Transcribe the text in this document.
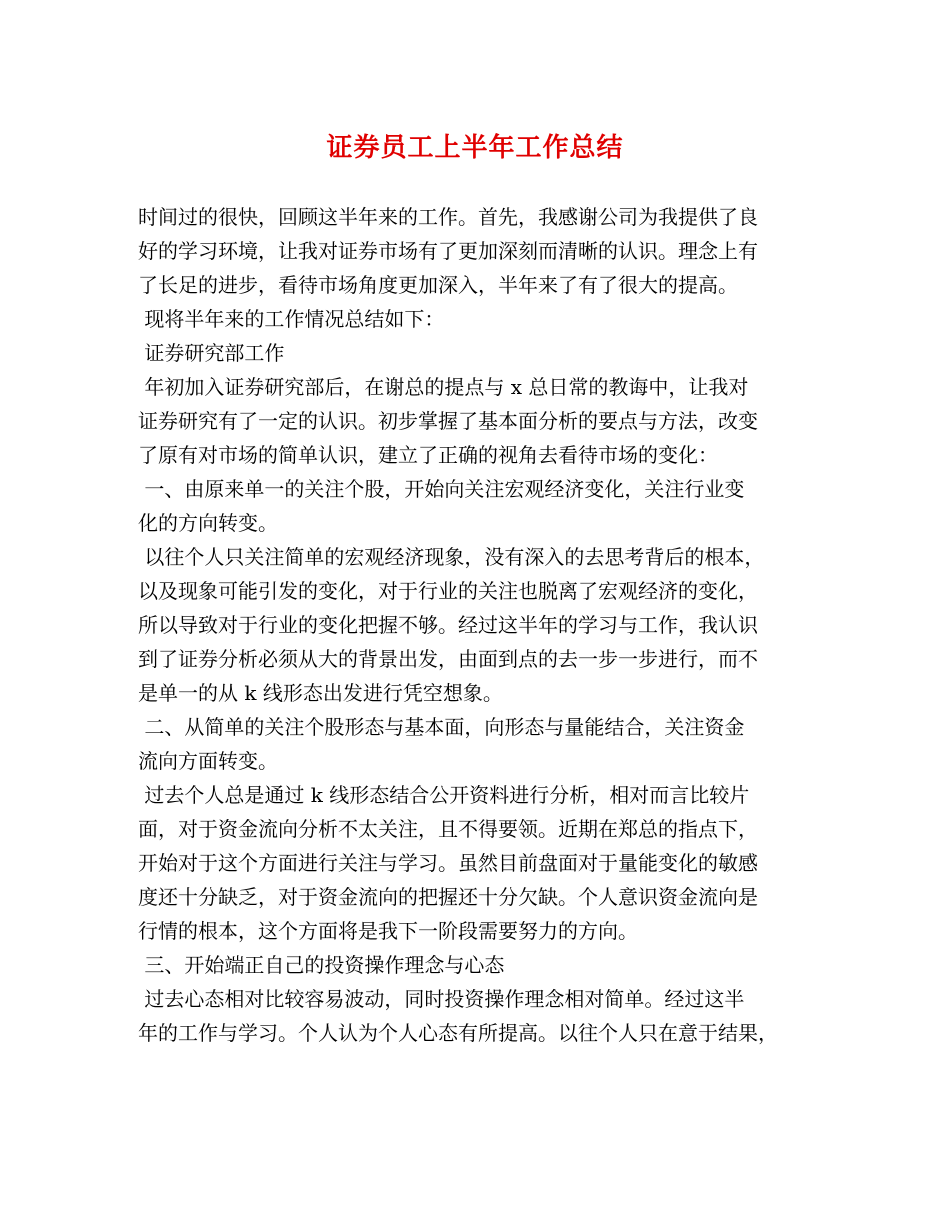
证券员工上半年工作总结
时间过的很快，回顾这半年来的工作。首先，我感谢公司为我提供了良
好的学习环境，让我对证券市场有了更加深刻而清晰的认识。理念上有
了长足的进步，看待市场角度更加深入，半年来了有了很大的提高。
现将半年来的工作情况总结如下：
证券研究部工作
年初加入证券研究部后，在谢总的提点与 x 总日常的教诲中，让我对
证券研究有了一定的认识。初步掌握了基本面分析的要点与方法，改变
了原有对市场的简单认识，建立了正确的视角去看待市场的变化：
一、由原来单一的关注个股，开始向关注宏观经济变化，关注行业变
化的方向转变。
以往个人只关注简单的宏观经济现象，没有深入的去思考背后的根本，
以及现象可能引发的变化，对于行业的关注也脱离了宏观经济的变化，
所以导致对于行业的变化把握不够。经过这半年的学习与工作，我认识
到了证券分析必须从大的背景出发，由面到点的去一步一步进行，而不
是单一的从 k 线形态出发进行凭空想象。
二、从简单的关注个股形态与基本面，向形态与量能结合，关注资金
流向方面转变。
过去个人总是通过 k 线形态结合公开资料进行分析，相对而言比较片
面，对于资金流向分析不太关注，且不得要领。近期在郑总的指点下，
开始对于这个方面进行关注与学习。虽然目前盘面对于量能变化的敏感
度还十分缺乏，对于资金流向的把握还十分欠缺。个人意识资金流向是
行情的根本，这个方面将是我下一阶段需要努力的方向。
三、开始端正自己的投资操作理念与心态
过去心态相对比较容易波动，同时投资操作理念相对简单。经过这半
年的工作与学习。个人认为个人心态有所提高。以往个人只在意于结果，
